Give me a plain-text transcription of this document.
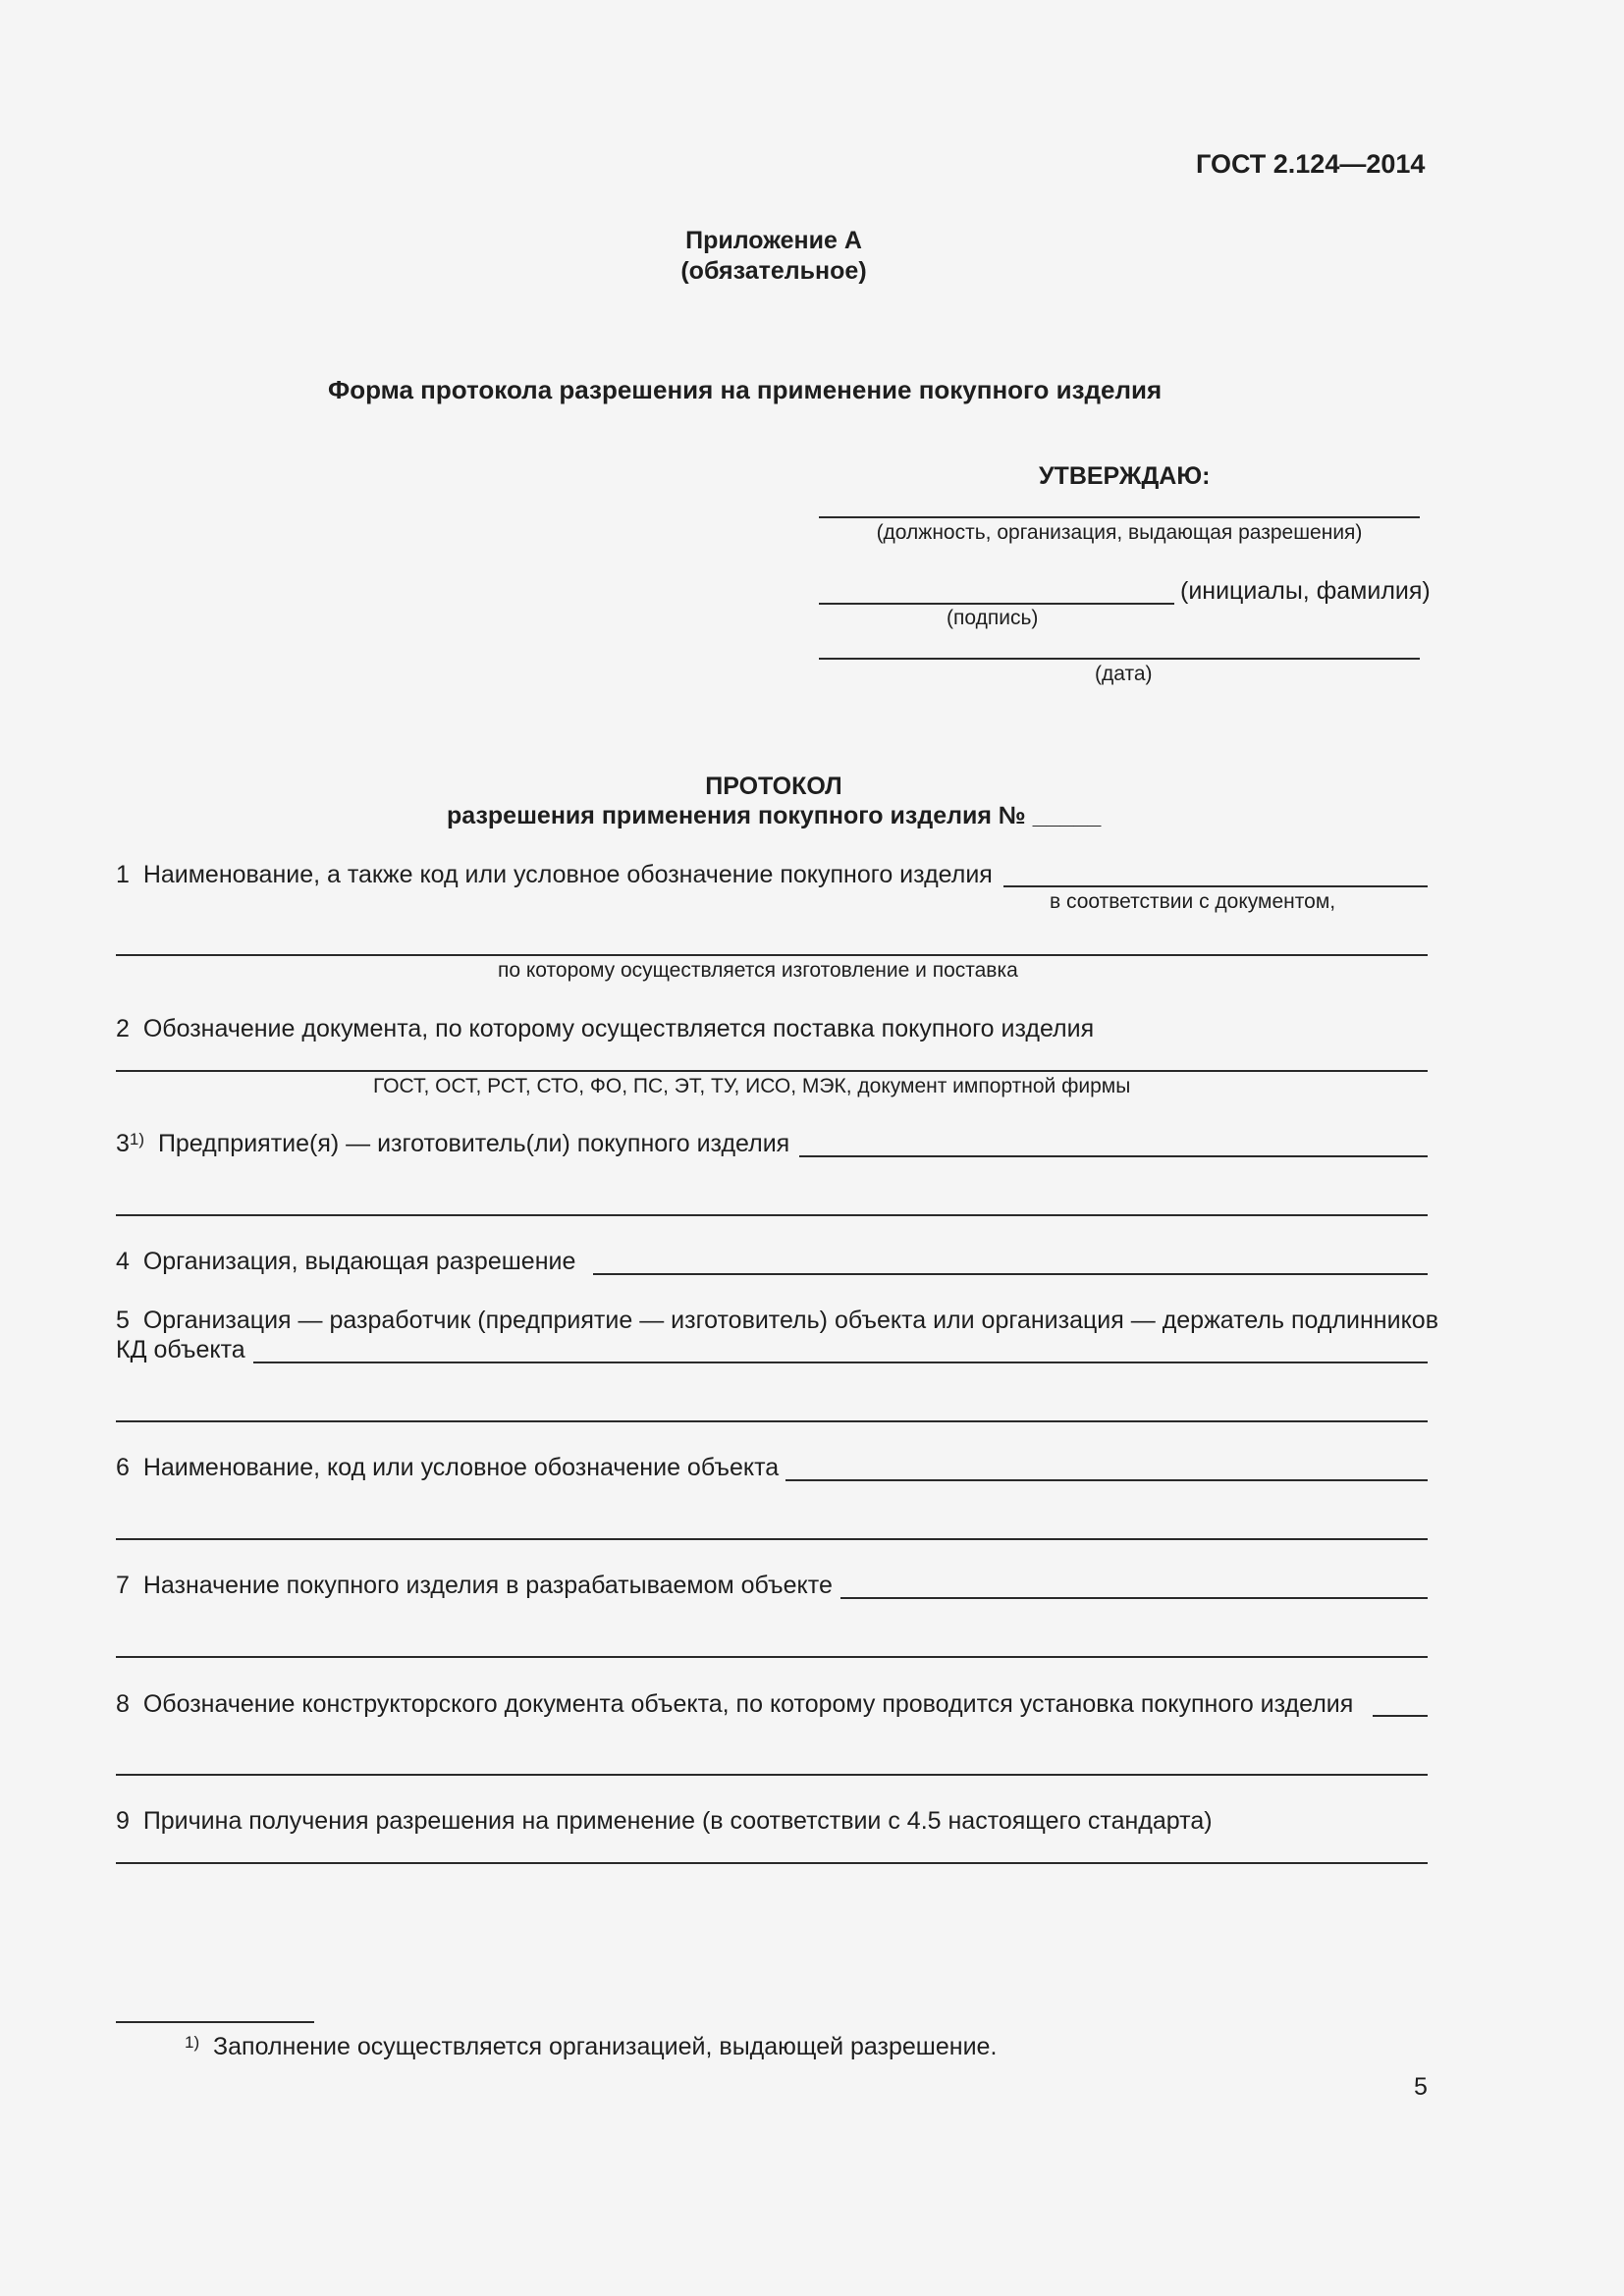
ГОСТ 2.124—2014
Приложение А
(обязательное)
Форма протокола разрешения на применение покупного изделия
УТВЕРЖДАЮ:
(должность, организация, выдающая разрешения)
(инициалы, фамилия)
(подпись)
(дата)
ПРОТОКОЛ
разрешения применения покупного изделия № _____
1 Наименование, а также код или условное обозначение покупного изделия
в соответствии с документом,
по которому осуществляется изготовление и поставка
2 Обозначение документа, по которому осуществляется поставка покупного изделия
ГОСТ, ОСТ, РСТ, СТО, ФО, ПС, ЭТ, ТУ, ИСО, МЭК, документ импортной фирмы
3$^{1)}$ Предприятие(я) — изготовитель(ли) покупного изделия
4 Организация, выдающая разрешение
5 Организация — разработчик (предприятие — изготовитель) объекта или организация — держатель подлинников
КД объекта
6 Наименование, код или условное обозначение объекта
7 Назначение покупного изделия в разрабатываемом объекте
8 Обозначение конструкторского документа объекта, по которому проводится установка покупного изделия
9 Причина получения разрешения на применение (в соответствии с 4.5 настоящего стандарта)
$^{1)}$ Заполнение осуществляется организацией, выдающей разрешение.
5
